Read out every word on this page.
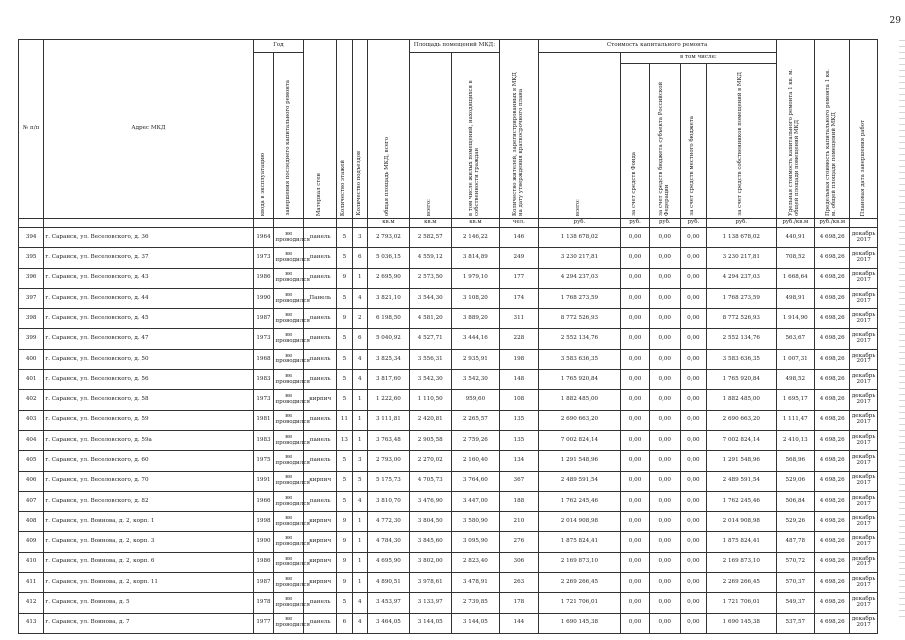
29
№ п/п	Адрес МКД	Год		Материал стен	Количество этажей	Количество подъездов	общая площадь МКД, всего	Площадь помещений МКД:		Количество жителей, зарегистрированных в МКД на дату утверждения краткосрочного плана	Стоимость капитального ремонта					Удельная стоимость капитального ремонта 1 кв. м. общей площади помещений МКД	Предельная стоимость капитального ремонта 1 кв. м. общей площади помещений МКД	Плановая дата завершения работ

		ввода в эксплуатацию	завершения последнего капитального ремонта					всего:	в том числе жилых помещений, находящихся в собственности граждан		всего:	в том числе:						

												за счет средств Фонда	за счет средств бюджета субъекта Российской Федерации	за счет средств местного бюджета	за счет средств собственников помещений в МКД			

							кв.м	кв.м	кв.м	чел.	руб.	руб.	руб.	руб.	руб.	руб./кв.м	руб./кв.м	
394	г. Саранск, ул. Веселовского, д. 36	1964	не проводился	панель	5	3	2 793,02	2 582,57	2 146,22	146	1 138 678,02	0,00	0,00	0,00	1 138 678,02	440,91	4 698,26	декабрь 2017
395	г. Саранск, ул. Веселовского, д. 37	1973	не проводился	панель	5	6	5 036,15	4 559,12	3 814,89	249	3 230 217,81	0,00	0,00	0,00	3 230 217,81	708,52	4 698,26	декабрь 2017
396	г. Саранск, ул. Веселовского, д. 43	1986	не проводился	панель	9	1	2 695,90	2 573,50	1 979,10	177	4 294 237,03	0,00	0,00	0,00	4 294 237,03	1 668,64	4 698,26	декабрь 2017
397	г. Саранск, ул. Веселовского, д. 44	1990	не проводился	Панель	5	4	3 821,10	3 544,30	3 108,20	174	1 768 273,59	0,00	0,00	0,00	1 768 273,59	498,91	4 698,26	декабрь 2017
398	г. Саранск, ул. Веселовского, д. 45	1987	не проводился	панель	9	2	6 198,50	4 581,20	3 889,20	311	8 772 526,93	0,00	0,00	0,00	8 772 526,93	1 914,90	4 698,26	декабрь 2017
399	г. Саранск, ул. Веселовского, д. 47	1973	не проводился	панель	5	6	5 040,92	4 527,71	3 444,16	228	2 552 134,76	0,00	0,00	0,00	2 552 134,76	563,67	4 698,26	декабрь 2017
400	г. Саранск, ул. Веселовского, д. 50	1968	не проводился	панель	5	4	3 825,34	3 556,31	2 935,91	198	3 583 636,35	0,00	0,00	0,00	3 583 636,35	1 007,31	4 698,26	декабрь 2017
401	г. Саранск, ул. Веселовского, д. 56	1983	не проводился	панель	5	4	3 817,60	3 542,30	3 542,30	148	1 765 920,84	0,00	0,00	0,00	1 765 920,84	498,52	4 698,26	декабрь 2017
402	г. Саранск, ул. Веселовского, д. 58	1973	не проводился	кирпич	5	1	1 222,60	1 110,50	959,60	108	1 882 485,00	0,00	0,00	0,00	1 882 485,00	1 695,17	4 698,26	декабрь 2017
403	г. Саранск, ул. Веселовского, д. 59	1981	не проводился	панель	11	1	3 111,81	2 420,81	2 265,57	135	2 690 663,20	0,00	0,00	0,00	2 690 663,20	1 111,47	4 698,26	декабрь 2017
404	г. Саранск, ул. Веселовского, д. 59а	1983	не проводился	панель	13	1	3 763,48	2 905,58	2 759,26	135	7 002 824,14	0,00	0,00	0,00	7 002 824,14	2 410,13	4 698,26	декабрь 2017
405	г. Саранск, ул. Веселовского, д. 60	1975	не проводился	панель	5	3	2 793,00	2 270,02	2 160,40	134	1 291 548,96	0,00	0,00	0,00	1 291 548,96	568,96	4 698,26	декабрь 2017
406	г. Саранск, ул. Веселовского, д. 70	1991	не проводился	кирпич	5	5	5 175,73	4 705,73	3 764,60	367	2 489 591,54	0,00	0,00	0,00	2 489 591,54	529,06	4 698,26	декабрь 2017
407	г. Саранск, ул. Веселовского, д. 82	1966	не проводился	панель	5	4	3 810,70	3 476,90	3 447,00	188	1 762 245,46	0,00	0,00	0,00	1 762 245,46	506,84	4 698,26	декабрь 2017
408	г. Саранск, ул. Воинова, д. 2, корп. 1	1998	не проводился	кирпич	9	1	4 772,30	3 804,50	3 580,90	210	2 014 908,98	0,00	0,00	0,00	2 014 908,98	529,26	4 698,26	декабрь 2017
409	г. Саранск, ул. Воинова, д. 2, корп. 3	1990	не проводился	кирпич	9	1	4 784,30	3 845,60	3 095,90	276	1 875 824,41	0,00	0,00	0,00	1 875 824,41	487,78	4 698,26	декабрь 2017
410	г. Саранск, ул. Воинова, д. 2, корп. 6	1986	не проводился	кирпич	9	1	4 695,90	3 802,00	2 823,40	306	2 169 873,10	0,00	0,00	0,00	2 169 873,10	570,72	4 698,26	декабрь 2017
411	г. Саранск, ул. Воинова, д. 2, корп. 11	1987	не проводился	кирпич	9	1	4 890,51	3 978,61	3 478,91	263	2 269 266,45	0,00	0,00	0,00	2 269 266,45	570,37	4 698,26	декабрь 2017
412	г. Саранск, ул. Воинова, д. 5	1978	не проводился	панель	5	4	3 453,97	3 133,97	2 739,85	178	1 721 706,01	0,00	0,00	0,00	1 721 706,01	549,37	4 698,26	декабрь 2017
413	г. Саранск, ул. Воинова, д. 7	1977	не проводился	панель	6	4	3 464,05	3 144,05	3 144,05	144	1 690 145,38	0,00	0,00	0,00	1 690 145,38	537,57	4 698,26	декабрь 2017
